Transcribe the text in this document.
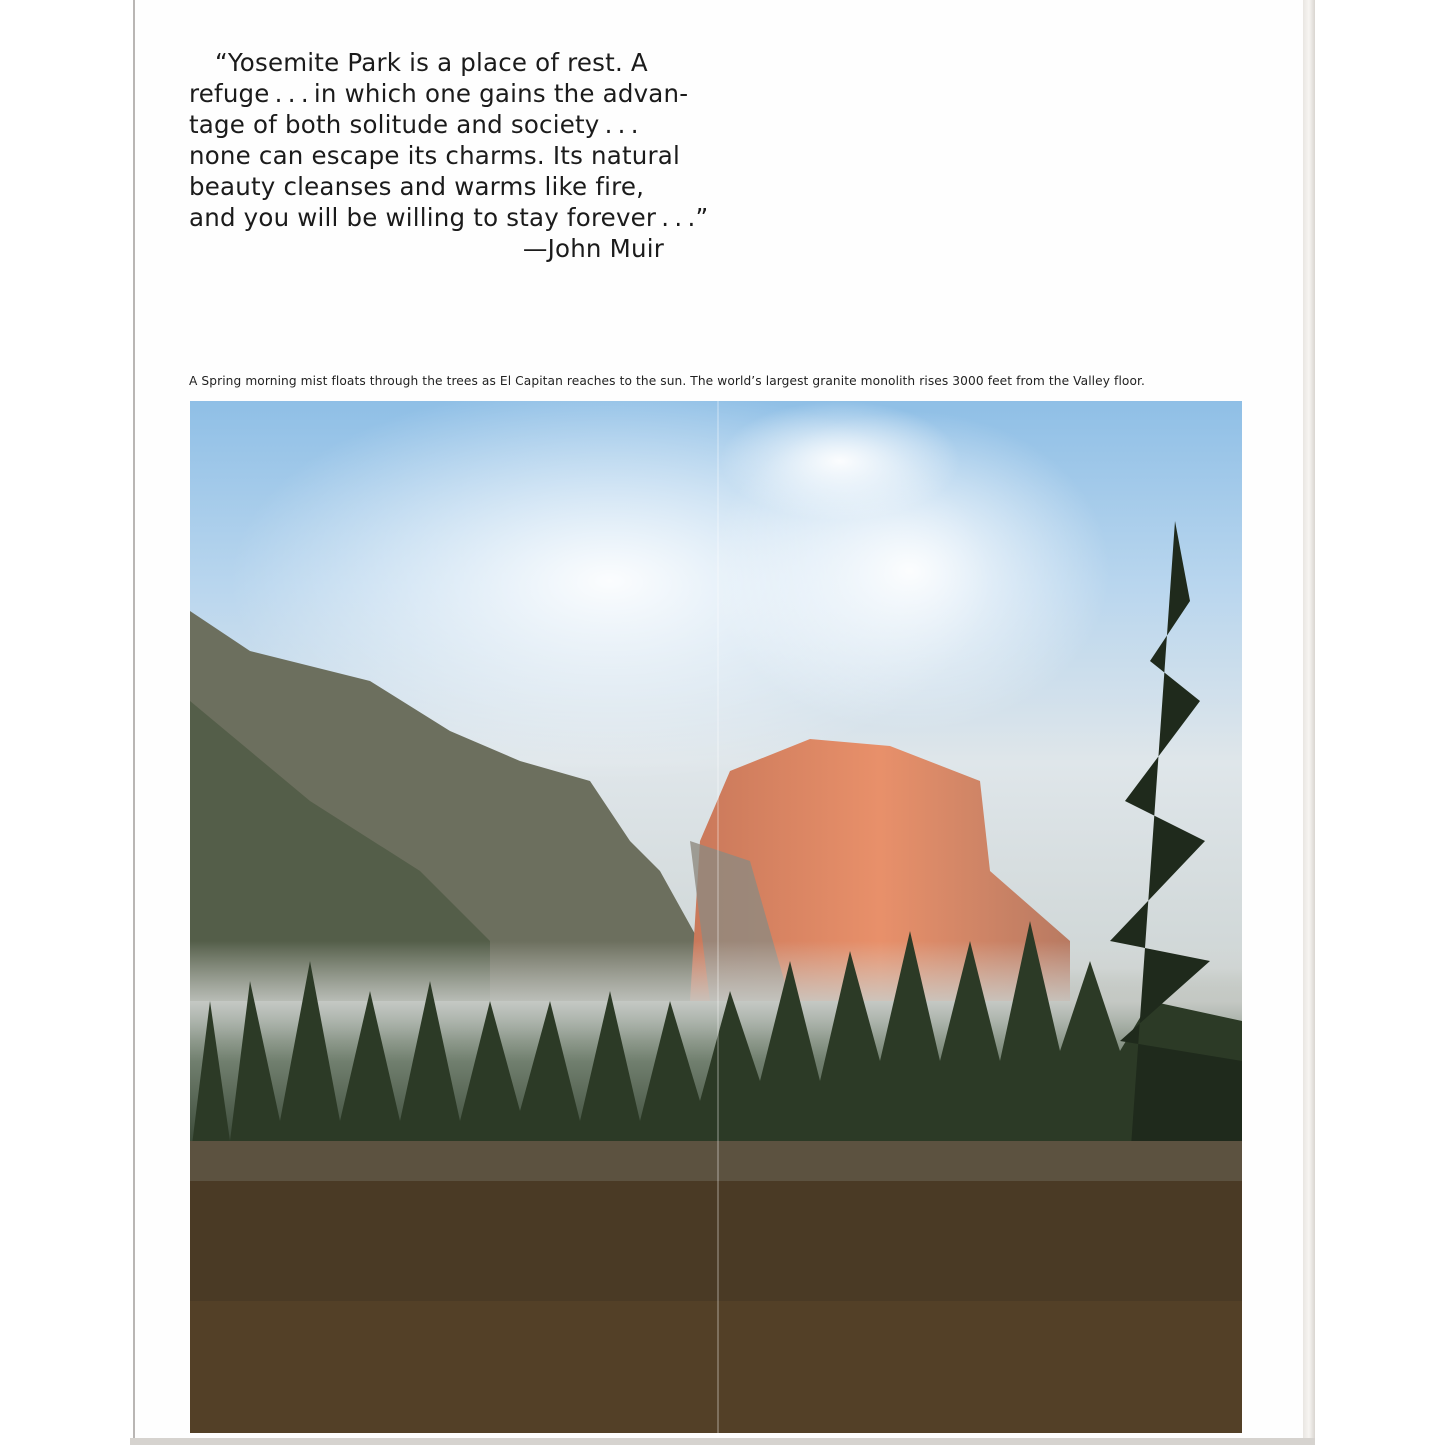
“Yosemite Park is a place of rest. A
refuge . . . in which one gains the advan-
tage of both solitude and society . . .
none can escape its charms. Its natural
beauty cleanses and warms like fire,
and you will be willing to stay forever . . .”
—John Muir
A Spring morning mist floats through the trees as El Capitan reaches to the sun. The world’s largest granite monolith rises 3000 feet from the Valley floor.
